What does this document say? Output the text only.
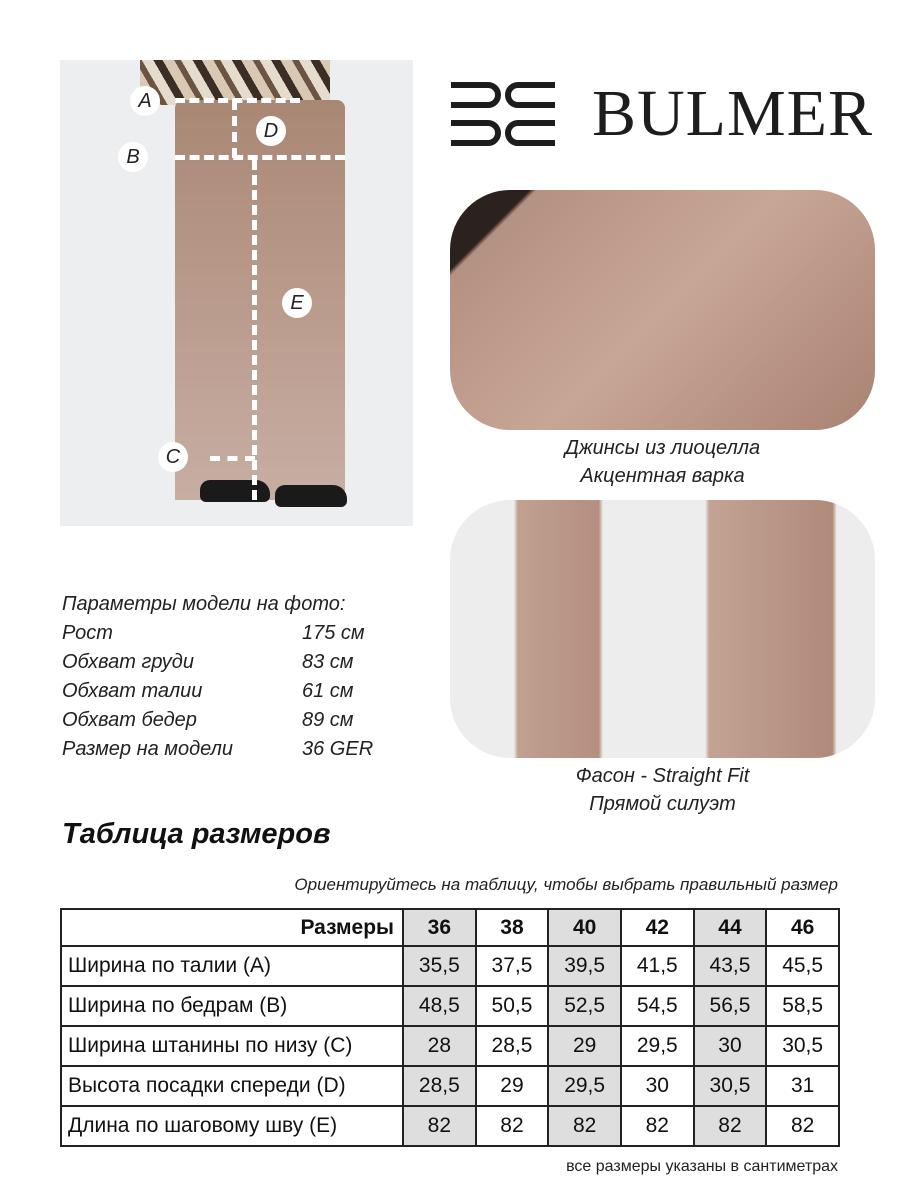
A
B
C
D
E
BULMER
Джинсы из лиоцелла
Акцентная варка
Фасон - Straight Fit
Прямой силуэт
Параметры модели на фото:
Рост	175 см
Обхват груди	83 см
Обхват талии	61 см
Обхват бедер	89 см
Размер на модели	36 GER
Таблица размеров
Ориентируйтесь на таблицу, чтобы выбрать правильный размер
Размеры	36	38	40	42	44	46
Ширина по талии (A)	35,5	37,5	39,5	41,5	43,5	45,5
Ширина по бедрам (B)	48,5	50,5	52,5	54,5	56,5	58,5
Ширина штанины по низу (C)	28	28,5	29	29,5	30	30,5
Высота посадки спереди (D)	28,5	29	29,5	30	30,5	31
Длина по шаговому шву (E)	82	82	82	82	82	82
все размеры указаны в сантиметрах
